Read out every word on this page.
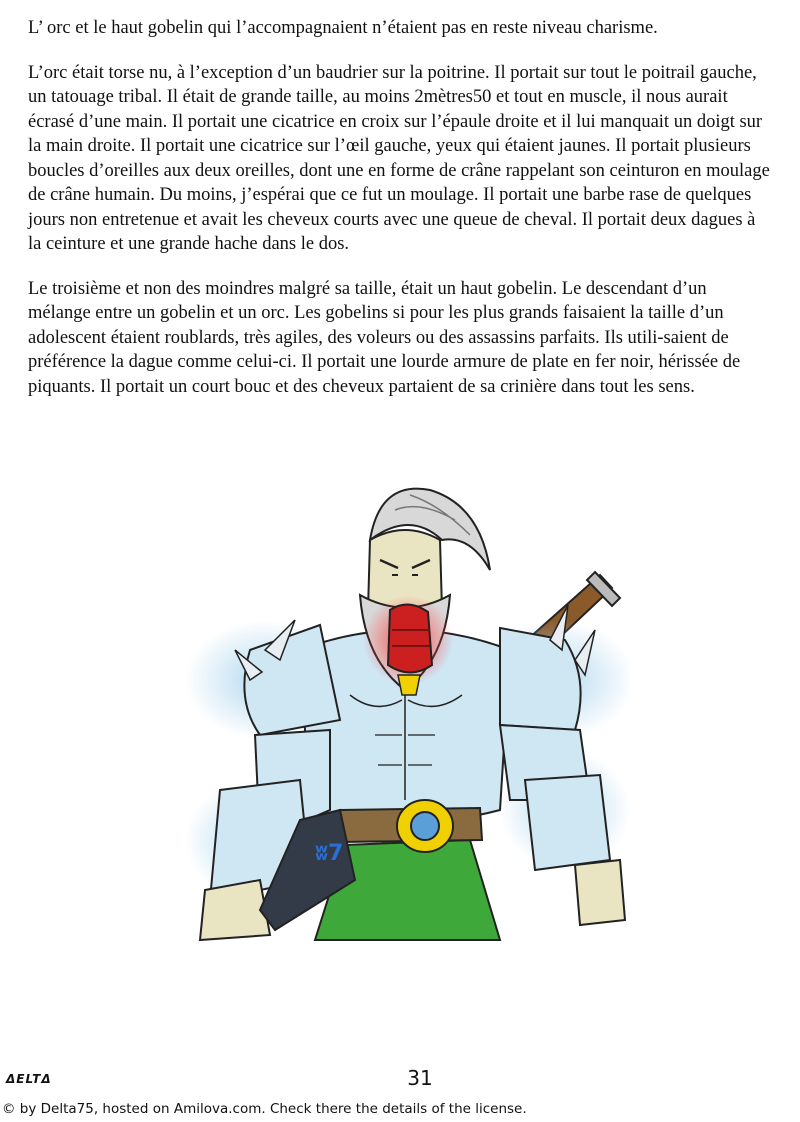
L’ orc et le haut gobelin qui l’accompagnaient n’étaient pas en reste niveau charisme.

L’orc était torse nu, à l’exception d’un baudrier sur la poitrine. Il portait sur tout le poitrail gauche, un tatouage tribal. Il était de grande taille, au moins 2mètres50 et tout en muscle, il nous aurait écrasé d’une main. Il portait une cicatrice en croix sur l’épaule droite et il lui manquait un doigt sur la main droite. Il portait une cicatrice sur l’œil gauche, yeux qui étaient jaunes. Il portait plusieurs boucles d’oreilles aux deux oreilles, dont une en forme de crâne rappelant son ceinturon en moulage de crâne humain. Du moins, j’espérai que ce fut un moulage. Il portait une barbe rase de quelques jours non entretenue et avait les cheveux courts avec une queue de cheval. Il portait deux dagues à la ceinture et une grande hache dans le dos.

Le troisième et non des moindres malgré sa taille, était un haut gobelin. Le descendant d’un mélange entre un gobelin et un orc. Les gobelins si pour les plus grands faisaient la taille d’un adolescent étaient roublards, très agiles, des voleurs ou des assassins parfaits. Ils utili-saient de préférence la dague comme celui-ci. Il portait une lourde armure de plate en fer noir, hérissée de piquants. Il portait un court bouc et des cheveux partaient de sa crinière dans tout les sens.

ʬ7
ΔELTΔ	31
© by Delta75, hosted on Amilova.com. Check there the details of the license.
